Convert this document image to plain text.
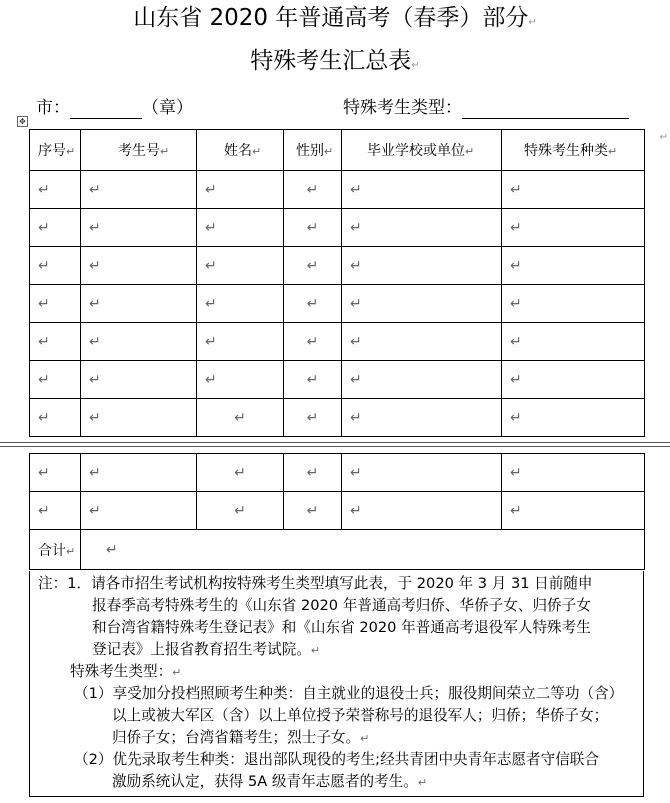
山东省 2020 年普通高考（春季）部分↵
特殊考生汇总表↵
市：	（章）	特殊考生类型：
✥
序号↵	考生号↵	姓名↵	性别↵	毕业学校或单位↵	特殊考生种类↵
↵	↵	↵	↵	↵	↵
↵	↵	↵	↵	↵	↵
↵	↵	↵	↵	↵	↵
↵	↵	↵	↵	↵	↵
↵	↵	↵	↵	↵	↵
↵	↵	↵	↵	↵	↵
↵	↵	↵	↵	↵	↵
↵
↵	↵	↵	↵	↵	↵
↵	↵	↵	↵	↵	↵
合计↵	↵				
注：1．请各市招生考试机构按特殊考生类型填写此表，于 2020 年 3 月 31 日前随申
报春季高考特殊考生的《山东省 2020 年普通高考归侨、华侨子女、归侨子女
和台湾省籍特殊考生登记表》和《山东省 2020 年普通高考退役军人特殊考生
登记表》上报省教育招生考试院。↵
特殊考生类型：↵
（1）享受加分投档照顾考生种类：自主就业的退役士兵；服役期间荣立二等功（含）
以上或被大军区（含）以上单位授予荣誉称号的退役军人；归侨；华侨子女；
归侨子女；台湾省籍考生；烈士子女。↵
（2）优先录取考生种类：退出部队现役的考生;经共青团中央青年志愿者守信联合
激励系统认定，获得 5A 级青年志愿者的考生。↵
